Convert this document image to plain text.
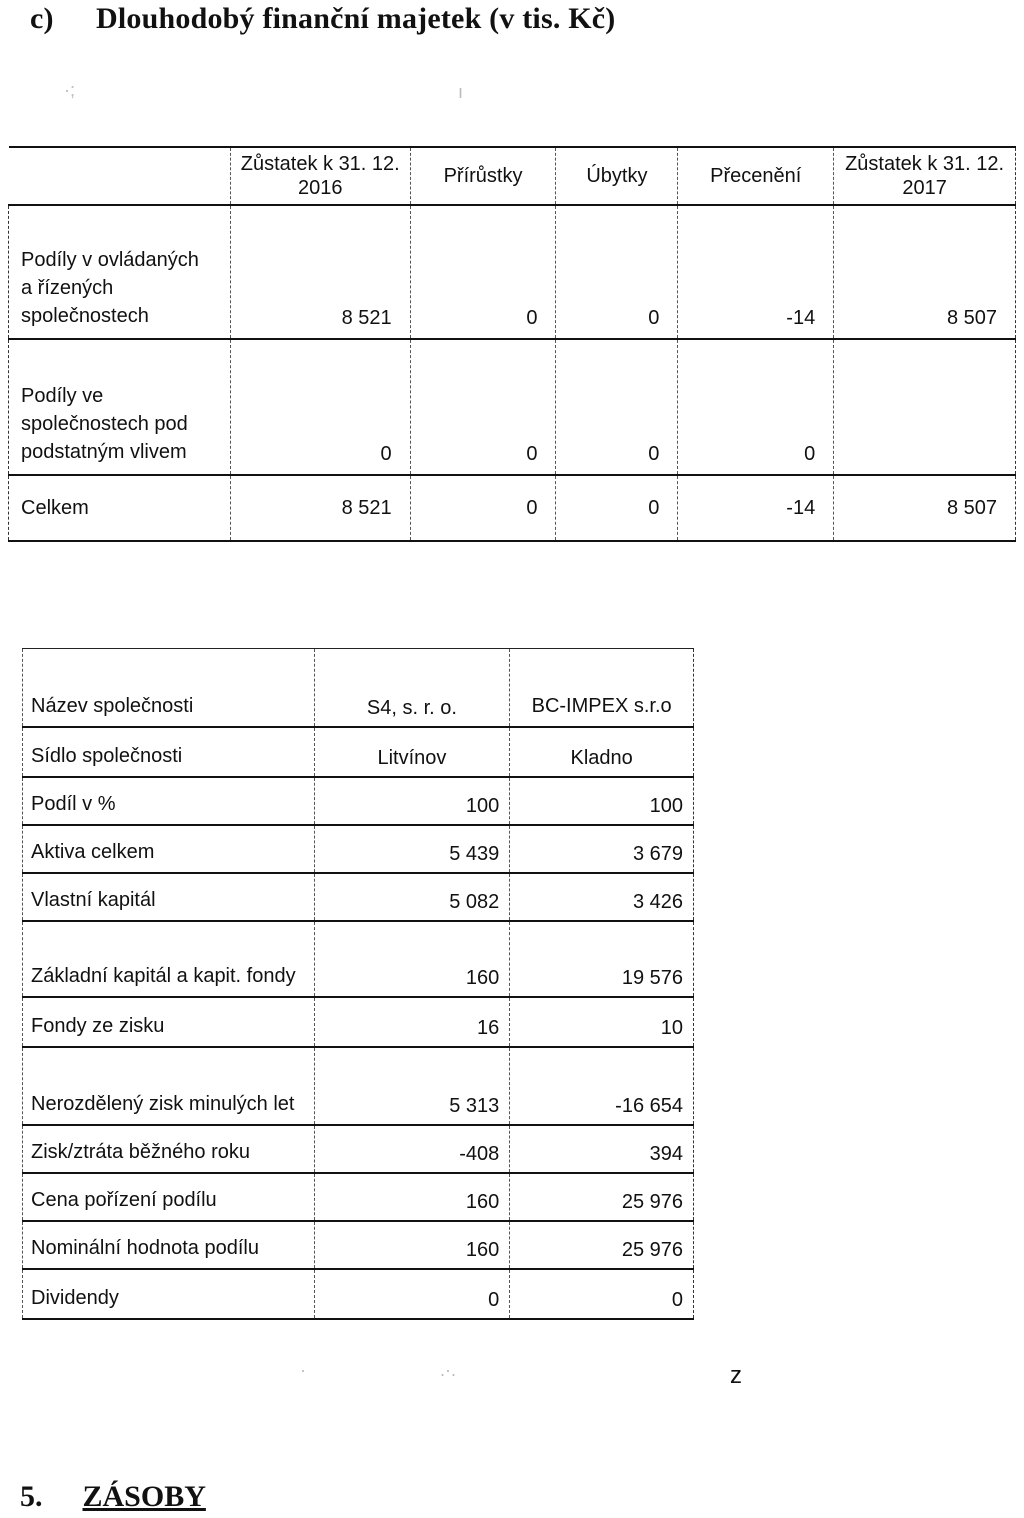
c) Dlouhodobý finanční majetek (v tis. Kč)
·;	ı
	Zůstatek k 31. 12. 2016	Přírůstky	Úbytky	Přecenění	Zůstatek k 31. 12. 2017
Podíly v ovládaných a řízených společnostech	8 521	0	0	-14	8 507
Podíly ve společnostech pod podstatným vlivem	0	0	0	0	
Celkem	8 521	0	0	-14	8 507
Název společnosti	S4, s. r. o.	BC-IMPEX s.r.o
Sídlo společnosti	Litvínov	Kladno
Podíl v %	100	100
Aktiva celkem	5 439	3 679
Vlastní kapitál	5 082	3 426
Základní kapitál a kapit. fondy	160	19 576
Fondy ze zisku	16	10
Nerozdělený zisk minulých let	5 313	-16 654
Zisk/ztráta běžného roku	-408	394
Cena pořízení podílu	160	25 976
Nominální hodnota podílu	160	25 976
Dividendy	0	0
·	.·.	z
5. ZÁSOBY
